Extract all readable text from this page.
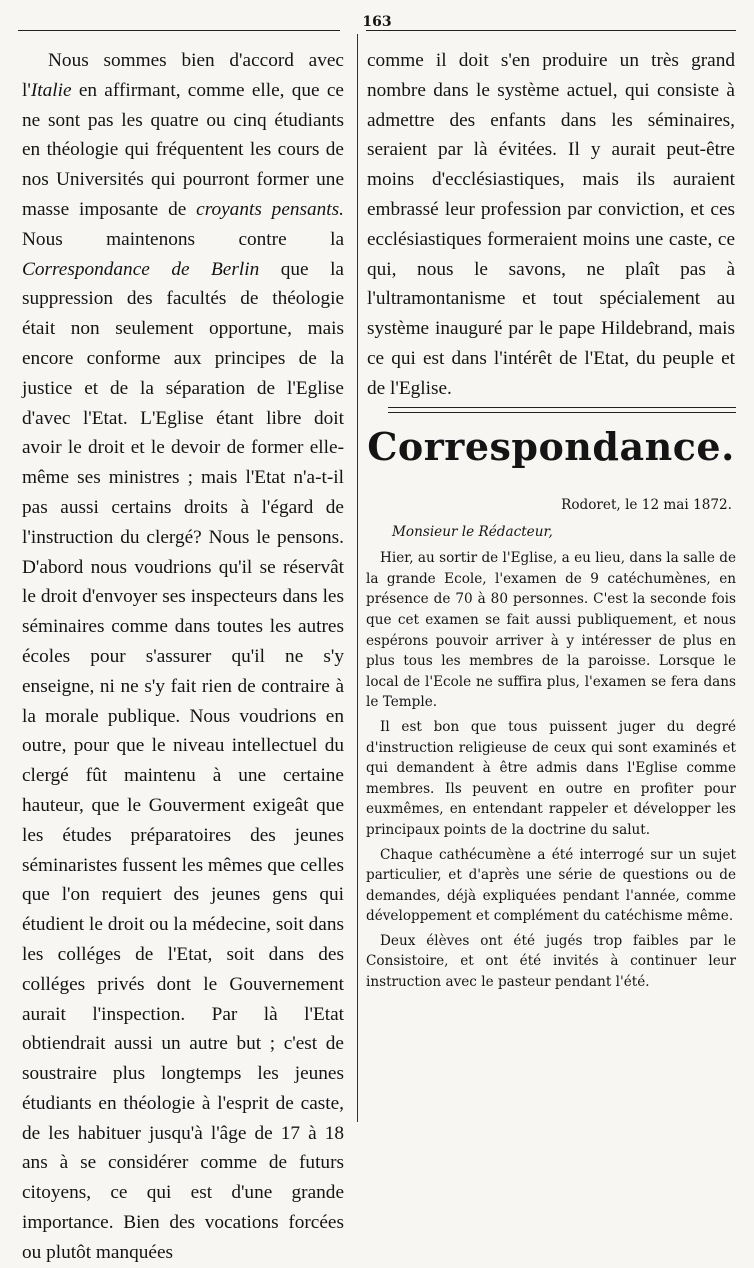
163

Nous sommes bien d'accord avec l'Italie en affirmant, comme elle, que ce ne sont pas les quatre ou cinq étudiants en théologie qui fréquentent les cours de nos Universités qui pourront former une masse imposante de croyants pensants. Nous maintenons contre la Correspondance de Berlin que la suppression des facultés de théologie était non seulement opportune, mais encore conforme aux principes de la justice et de la séparation de l'Eglise d'avec l'Etat. L'Eglise étant libre doit avoir le droit et le devoir de former elle-même ses ministres ; mais l'Etat n'a-t-il pas aussi certains droits à l'égard de l'instruction du clergé? Nous le pensons. D'abord nous voudrions qu'il se réservât le droit d'envoyer ses inspecteurs dans les séminaires comme dans toutes les autres écoles pour s'assurer qu'il ne s'y enseigne, ni ne s'y fait rien de contraire à la morale publique. Nous voudrions en outre, pour que le niveau intellectuel du clergé fût maintenu à une certaine hauteur, que le Gouverment exigeât que les études préparatoires des jeunes séminaristes fussent les mêmes que celles que l'on requiert des jeunes gens qui étudient le droit ou la médecine, soit dans les colléges de l'Etat, soit dans des colléges privés dont le Gouvernement aurait l'inspection. Par là l'Etat obtiendrait aussi un autre but ; c'est de soustraire plus longtemps les jeunes étudiants en théologie à l'esprit de caste, de les habituer jusqu'à l'âge de 17 à 18 ans à se considérer comme de futurs citoyens, ce qui est d'une grande importance. Bien des vocations forcées ou plutôt manquées

comme il doit s'en produire un très grand nombre dans le système actuel, qui consiste à admettre des enfants dans les séminaires, seraient par là évitées. Il y aurait peut-être moins d'ecclésiastiques, mais ils auraient embrassé leur profession par conviction, et ces ecclésiastiques formeraient moins une caste, ce qui, nous le savons, ne plaît pas à l'ultramontanisme et tout spécialement au système inauguré par le pape Hildebrand, mais ce qui est dans l'intérêt de l'Etat, du peuple et de l'Eglise.

Correspondance.

Rodoret, le 12 mai 1872.

Monsieur le Rédacteur,

Hier, au sortir de l'Eglise, a eu lieu, dans la salle de la grande Ecole, l'examen de 9 catéchumènes, en présence de 70 à 80 personnes. C'est la seconde fois que cet examen se fait aussi publiquement, et nous espérons pouvoir arriver à y intéresser de plus en plus tous les membres de la paroisse. Lorsque le local de l'Ecole ne suffira plus, l'examen se fera dans le Temple.

Il est bon que tous puissent juger du degré d'instruction religieuse de ceux qui sont examinés et qui demandent à être admis dans l'Eglise comme membres. Ils peuvent en outre en profiter pour euxmêmes, en entendant rappeler et développer les principaux points de la doctrine du salut.

Chaque cathécumène a été interrogé sur un sujet particulier, et d'après une série de questions ou de demandes, déjà expliquées pendant l'année, comme développement et complément du catéchisme même.

Deux élèves ont été jugés trop faibles par le Consistoire, et ont été invités à continuer leur instruction avec le pasteur pendant l'été.
